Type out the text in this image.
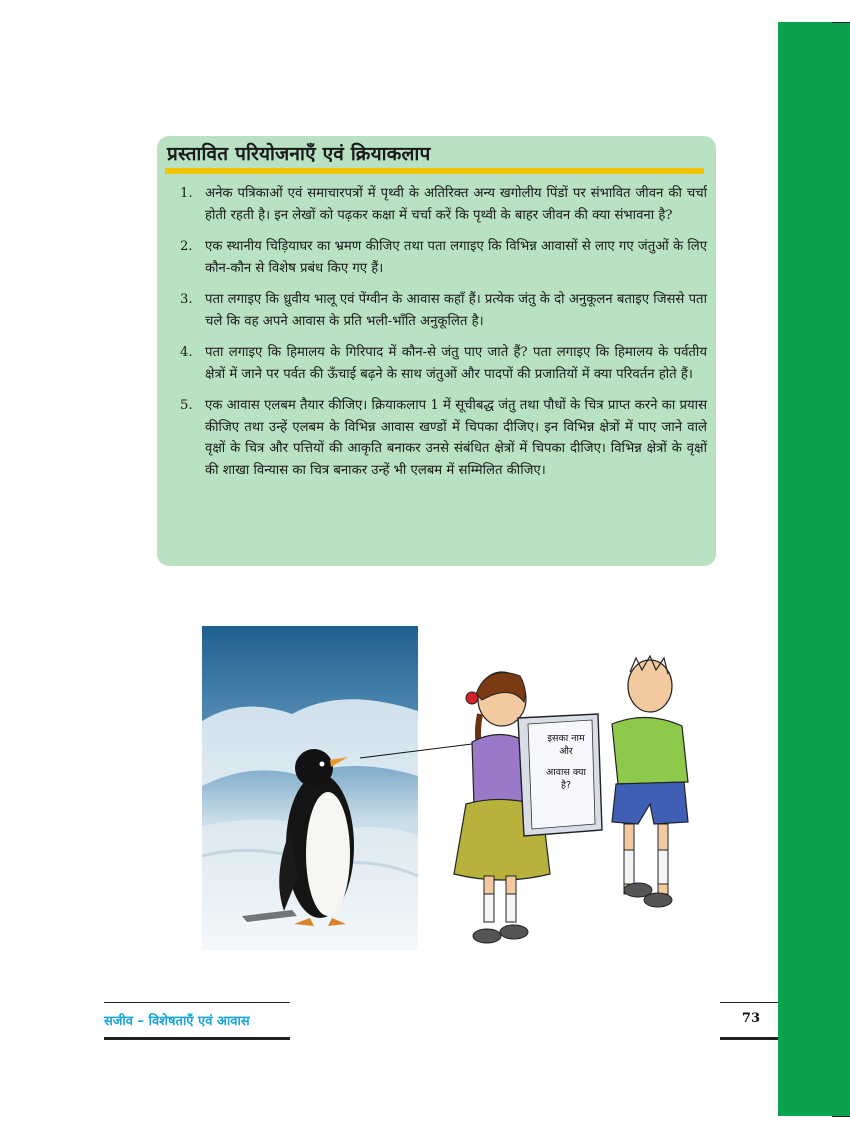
प्रस्तावित परियोजनाएँ एवं क्रियाकलाप
1. अनेक पत्रिकाओं एवं समाचारपत्रों में पृथ्वी के अतिरिक्त अन्य खगोलीय पिंडों पर संभावित जीवन की चर्चा होती रहती है। इन लेखों को पढ़कर कक्षा में चर्चा करें कि पृथ्वी के बाहर जीवन की क्या संभावना है?
2. एक स्थानीय चिड़ियाघर का भ्रमण कीजिए तथा पता लगाइए कि विभिन्न आवासों से लाए गए जंतुओं के लिए कौन-कौन से विशेष प्रबंध किए गए हैं।
3. पता लगाइए कि ध्रुवीय भालू एवं पेंग्वीन के आवास कहाँ हैं। प्रत्येक जंतु के दो अनुकूलन बताइए जिससे पता चले कि वह अपने आवास के प्रति भली-भाँति अनुकूलित है।
4. पता लगाइए कि हिमालय के गिरिपाद में कौन-से जंतु पाए जाते हैं? पता लगाइए कि हिमालय के पर्वतीय क्षेत्रों में जाने पर पर्वत की ऊँचाई बढ़ने के साथ जंतुओं और पादपों की प्रजातियों में क्या परिवर्तन होते हैं।
5. एक आवास एलबम तैयार कीजिए। क्रियाकलाप 1 में सूचीबद्ध जंतु तथा पौधों के चित्र प्राप्त करने का प्रयास कीजिए तथा उन्हें एलबम के विभिन्न आवास खण्डों में चिपका दीजिए। इन विभिन्न क्षेत्रों में पाए जाने वाले वृक्षों के चित्र और पत्तियों की आकृति बनाकर उनसे संबंधित क्षेत्रों में चिपका दीजिए। विभिन्न क्षेत्रों के वृक्षों की शाखा विन्यास का चित्र बनाकर उन्हें भी एलबम में सम्मिलित कीजिए।
इसका नाम
और
आवास क्या
है?
सजीव – विशेषताएँ एवं आवास	73
